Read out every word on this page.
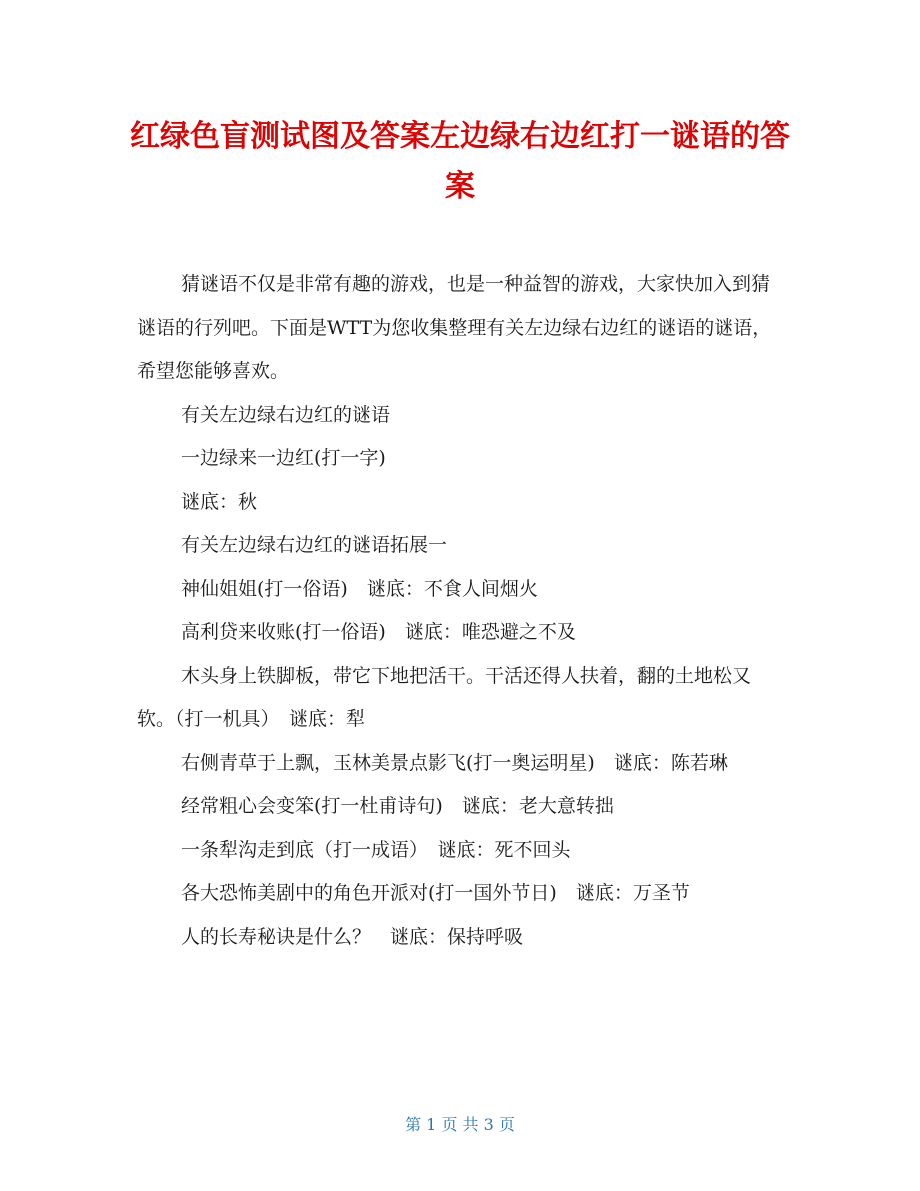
红绿色盲测试图及答案左边绿右边红打一谜语的答案

猜谜语不仅是非常有趣的游戏，也是一种益智的游戏，大家快加入到猜谜语的行列吧。下面是WTT为您收集整理有关左边绿右边红的谜语的谜语，希望您能够喜欢。

有关左边绿右边红的谜语

一边绿来一边红(打一字)

谜底：秋

有关左边绿右边红的谜语拓展一

神仙姐姐(打一俗语)　谜底：不食人间烟火

高利贷来收账(打一俗语)　谜底：唯恐避之不及

木头身上铁脚板，带它下地把活干。干活还得人扶着，翻的土地松又软。（打一机具）　谜底：犁

右侧青草于上飘，玉林美景点影飞(打一奥运明星)　谜底：陈若琳

经常粗心会变笨(打一杜甫诗句)　谜底：老大意转拙

一条犁沟走到底（打一成语）　谜底：死不回头

各大恐怖美剧中的角色开派对(打一国外节日)　谜底：万圣节

人的长寿秘诀是什么？　谜底：保持呼吸

第 1 页 共 3 页
